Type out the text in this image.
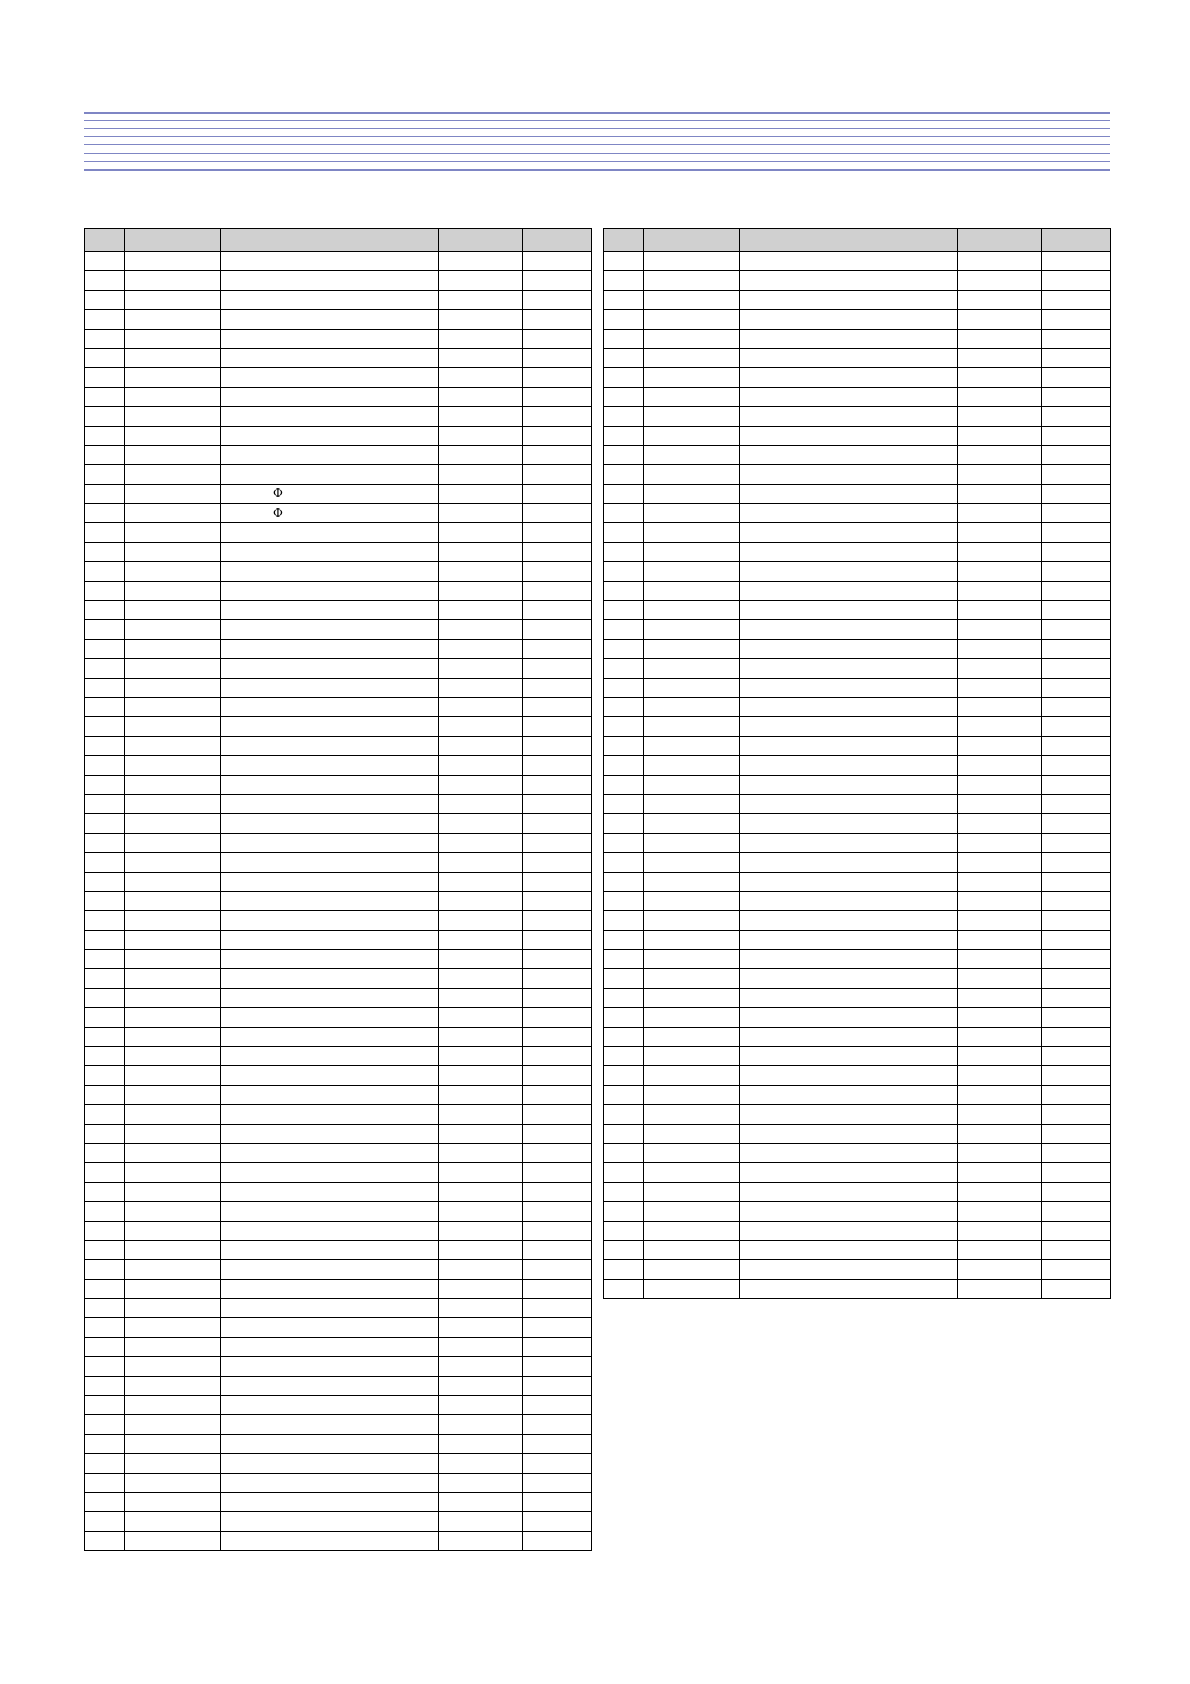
		Φ		
		Φ		
